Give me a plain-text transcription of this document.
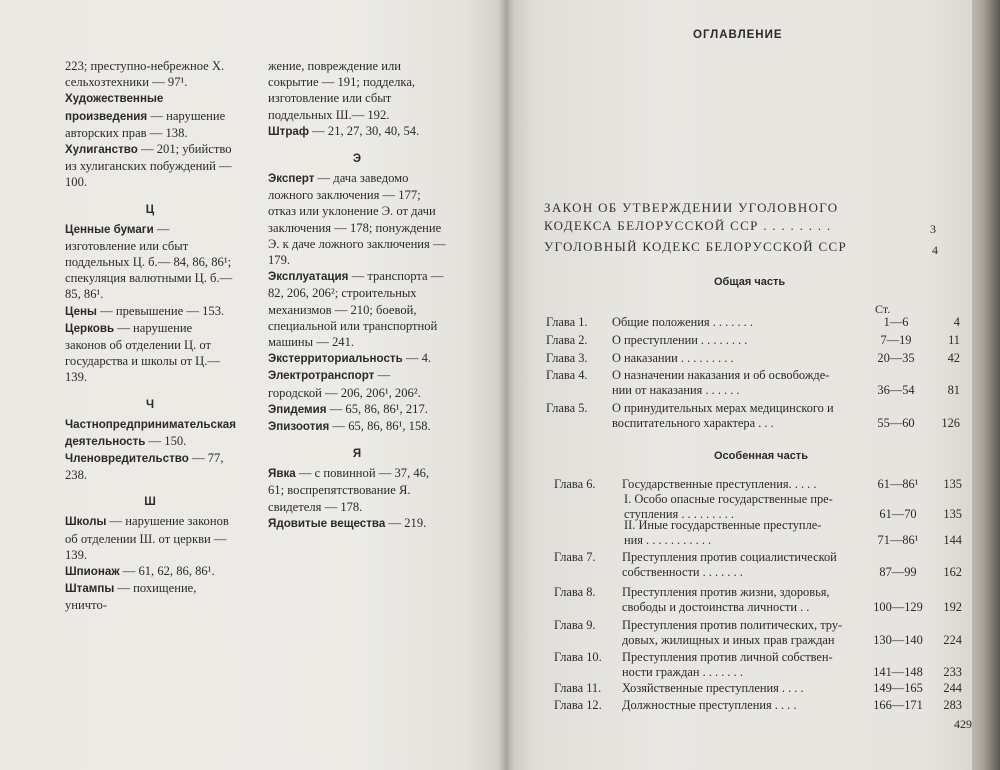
223; преступно-небрежное Х. сельхозтехники — 97¹.

Художественные произведения — нарушение авторских прав — 138.

Хулиганство — 201; убийство из хулиганских побуждений — 100.

Ц

Ценные бумаги — изготовление или сбыт поддельных Ц. б.— 84, 86, 86¹; спекуляция валютными Ц. б.— 85, 86¹.

Цены — превышение — 153.

Церковь — нарушение законов об отделении Ц. от государства и школы от Ц.— 139.

Ч

Частнопредпринимательская деятельность — 150.

Членовредительство — 77, 238.

Ш

Школы — нарушение законов об отделении Ш. от церкви — 139.

Шпионаж — 61, 62, 86, 86¹.

Штампы — похищение, уничто-

жение, повреждение или сокрытие — 191; подделка, изготовление или сбыт поддельных Ш.— 192.

Штраф — 21, 27, 30, 40, 54.

Э

Эксперт — дача заведомо ложного заключения — 177; отказ или уклонение Э. от дачи заключения — 178; понуждение Э. к даче ложного заключения — 179.

Эксплуатация — транспорта — 82, 206, 206²; строительных механизмов — 210; боевой, специальной или транспортной машины — 241.

Экстерриториальность — 4.

Электротранспорт — городской — 206, 206¹, 206².

Эпидемия — 65, 86, 86¹, 217.

Эпизоотия — 65, 86, 86¹, 158.

Я

Явка — с повинной — 37, 46, 61; воспрепятствование Я. свидетеля — 178.

Ядовитые вещества — 219.

ОГЛАВЛЕНИЕ
ЗАКОН ОБ УТВЕРЖДЕНИИ УГОЛОВНОГО
КОДЕКСА БЕЛОРУССКОЙ ССР . . . . . . . .	3
УГОЛОВНЫЙ КОДЕКС БЕЛОРУССКОЙ ССР	4
Общая часть
Ст.
Глава 1. Общие положения . . . . . . .	1—6	4
Глава 2. О преступлении . . . . . . . .	7—19	11
Глава 3. О наказании . . . . . . . . .	20—35	42
Глава 4. О назначении наказания и об освобожде-
нии от наказания . . . . . .	36—54	81
Глава 5. О принудительных мерах медицинского и
воспитательного характера . . .	55—60	126
Особенная часть
Глава 6. Государственные преступления. . . . .	61—86¹	135
I. Особо опасные государственные пре-
ступления . . . . . . . . .	61—70	135
II. Иные государственные преступле-
ния . . . . . . . . . . .	71—86¹	144
Глава 7. Преступления против социалистической
собственности . . . . . . .	87—99	162
Глава 8. Преступления против жизни, здоровья,
свободы и достоинства личности . .	100—129	192
Глава 9. Преступления против политических, тру-
довых, жилищных и иных прав граждан	130—140	224
Глава 10. Преступления против личной собствен-
ности граждан . . . . . . .	141—148	233
Глава 11. Хозяйственные преступления . . . .	149—165	244
Глава 12. Должностные преступления . . . .	166—171	283
429
